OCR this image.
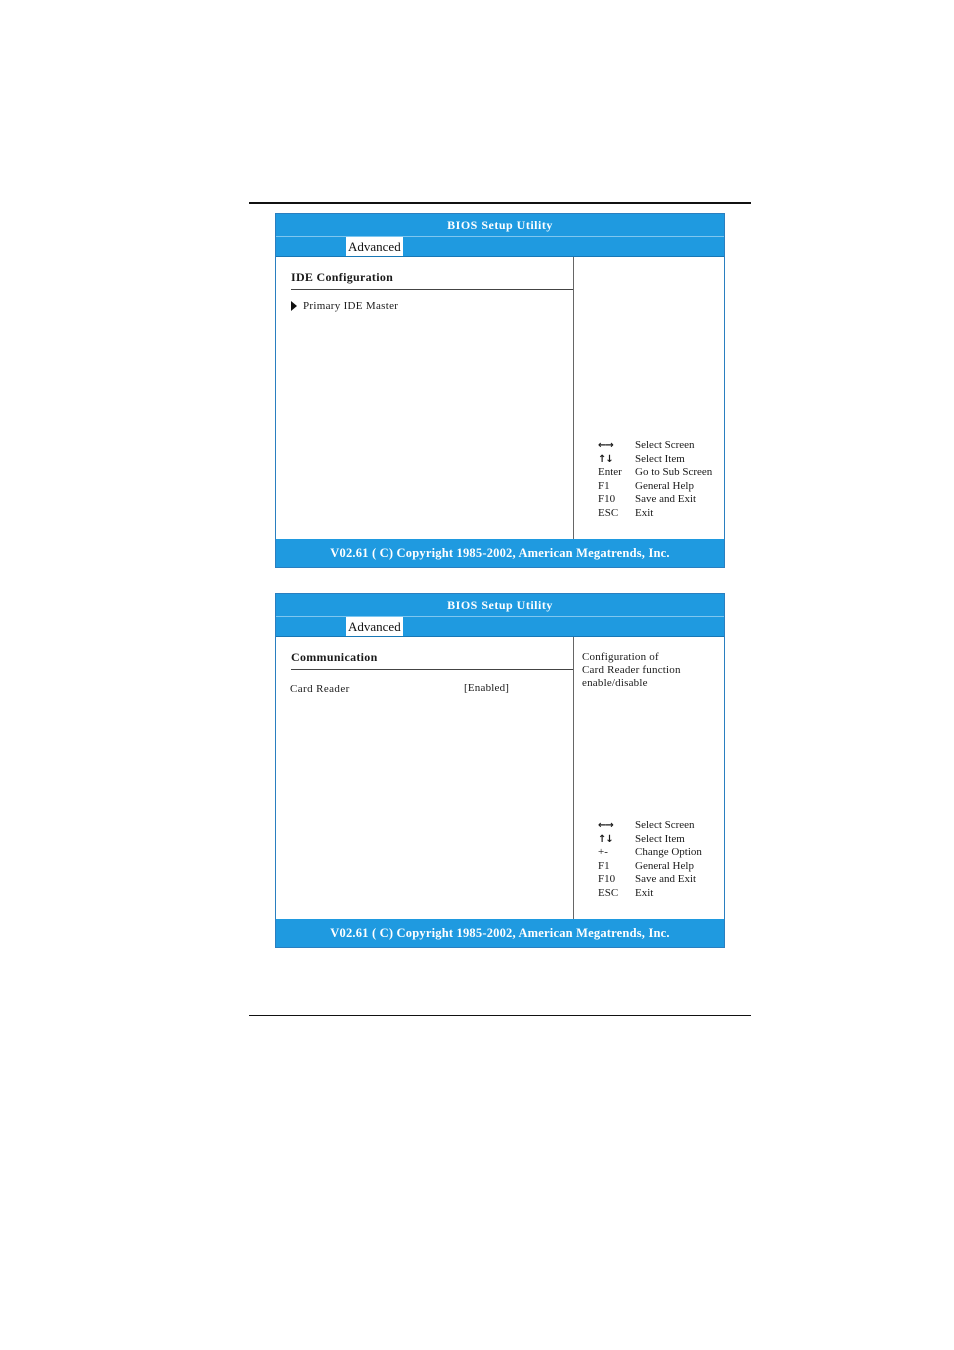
BIOS Setup Utility
Advanced
IDE Configuration
Primary IDE Master
←→	Select Screen
↑↓	Select Item
Enter	Go to Sub Screen
F1	General Help
F10	Save and Exit
ESC	Exit
V02.61 ( C) Copyright 1985-2002, American Megatrends, Inc.
BIOS Setup Utility
Advanced
Communication
Card Reader	[Enabled]
Configuration of
Card Reader function
enable/disable
←→	Select Screen
↑↓	Select Item
+-	Change Option
F1	General Help
F10	Save and Exit
ESC	Exit
V02.61 ( C) Copyright 1985-2002, American Megatrends, Inc.
